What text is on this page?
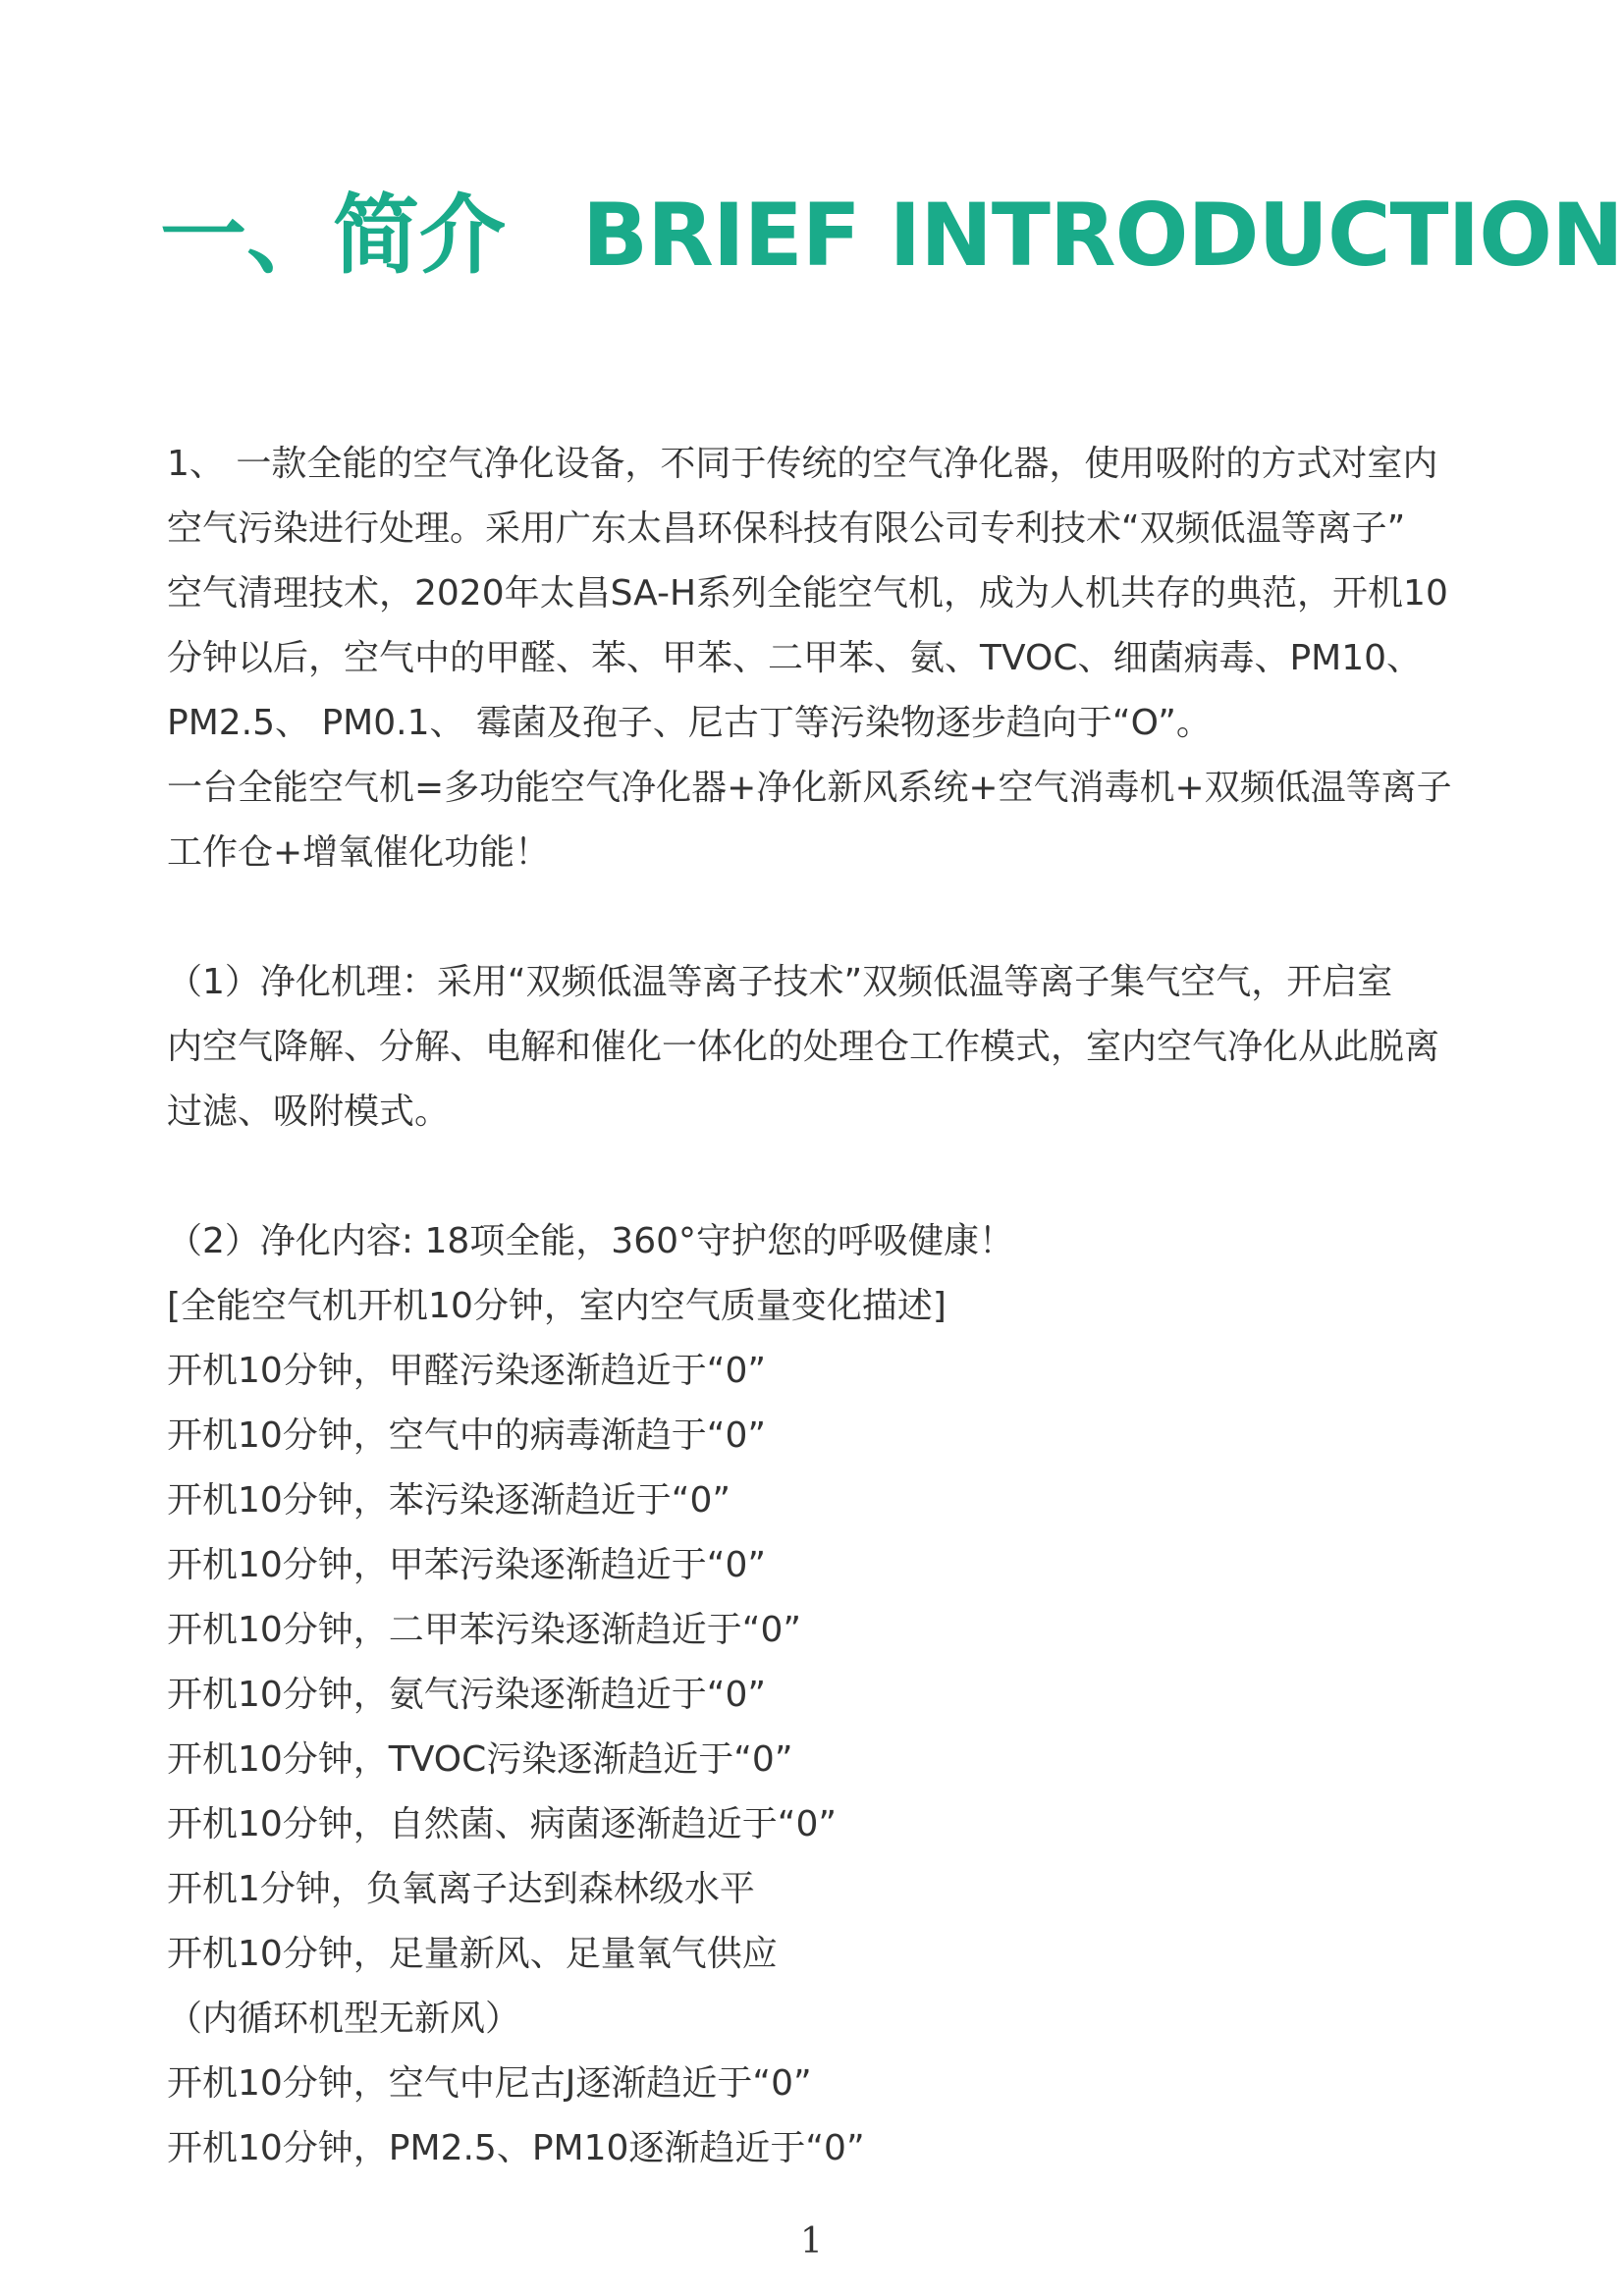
一、简介 BRIEF INTRODUCTION

1、 一款全能的空气净化设备，不同于传统的空气净化器，使用吸附的方式对室内

空气污染进行处理。采用广东太昌环保科技有限公司专利技术“双频低温等离子”

空气清理技术，2020年太昌SA-H系列全能空气机，成为人机共存的典范，开机10

分钟以后，空气中的甲醛、苯、甲苯、二甲苯、氨、TVOC、细菌病毒、PM10、

PM2.5、 PM0.1、 霉菌及孢子、尼古丁等污染物逐步趋向于“O”。

一台全能空气机=多功能空气净化器+净化新风系统+空气消毒机+双频低温等离子

工作仓+增氧催化功能！

（1）净化机理：采用“双频低温等离子技术”双频低温等离子集气空气，开启室

内空气降解、分解、电解和催化一体化的处理仓工作模式，室内空气净化从此脱离

过滤、吸附模式。

（2）净化内容: 18项全能，360°守护您的呼吸健康！

[全能空气机开机10分钟，室内空气质量变化描述]

开机10分钟，甲醛污染逐渐趋近于“0”

开机10分钟，空气中的病毒渐趋于“0”

开机10分钟，苯污染逐渐趋近于“0”

开机10分钟，甲苯污染逐渐趋近于“0”

开机10分钟，二甲苯污染逐渐趋近于“0”

开机10分钟，氨气污染逐渐趋近于“0”

开机10分钟，TVOC污染逐渐趋近于“0”

开机10分钟，自然菌、病菌逐渐趋近于“0”

开机1分钟，负氧离子达到森林级水平

开机10分钟，足量新风、足量氧气供应

（内循环机型无新风）

开机10分钟，空气中尼古J逐渐趋近于“0”

开机10分钟，PM2.5、PM10逐渐趋近于“0”

1
